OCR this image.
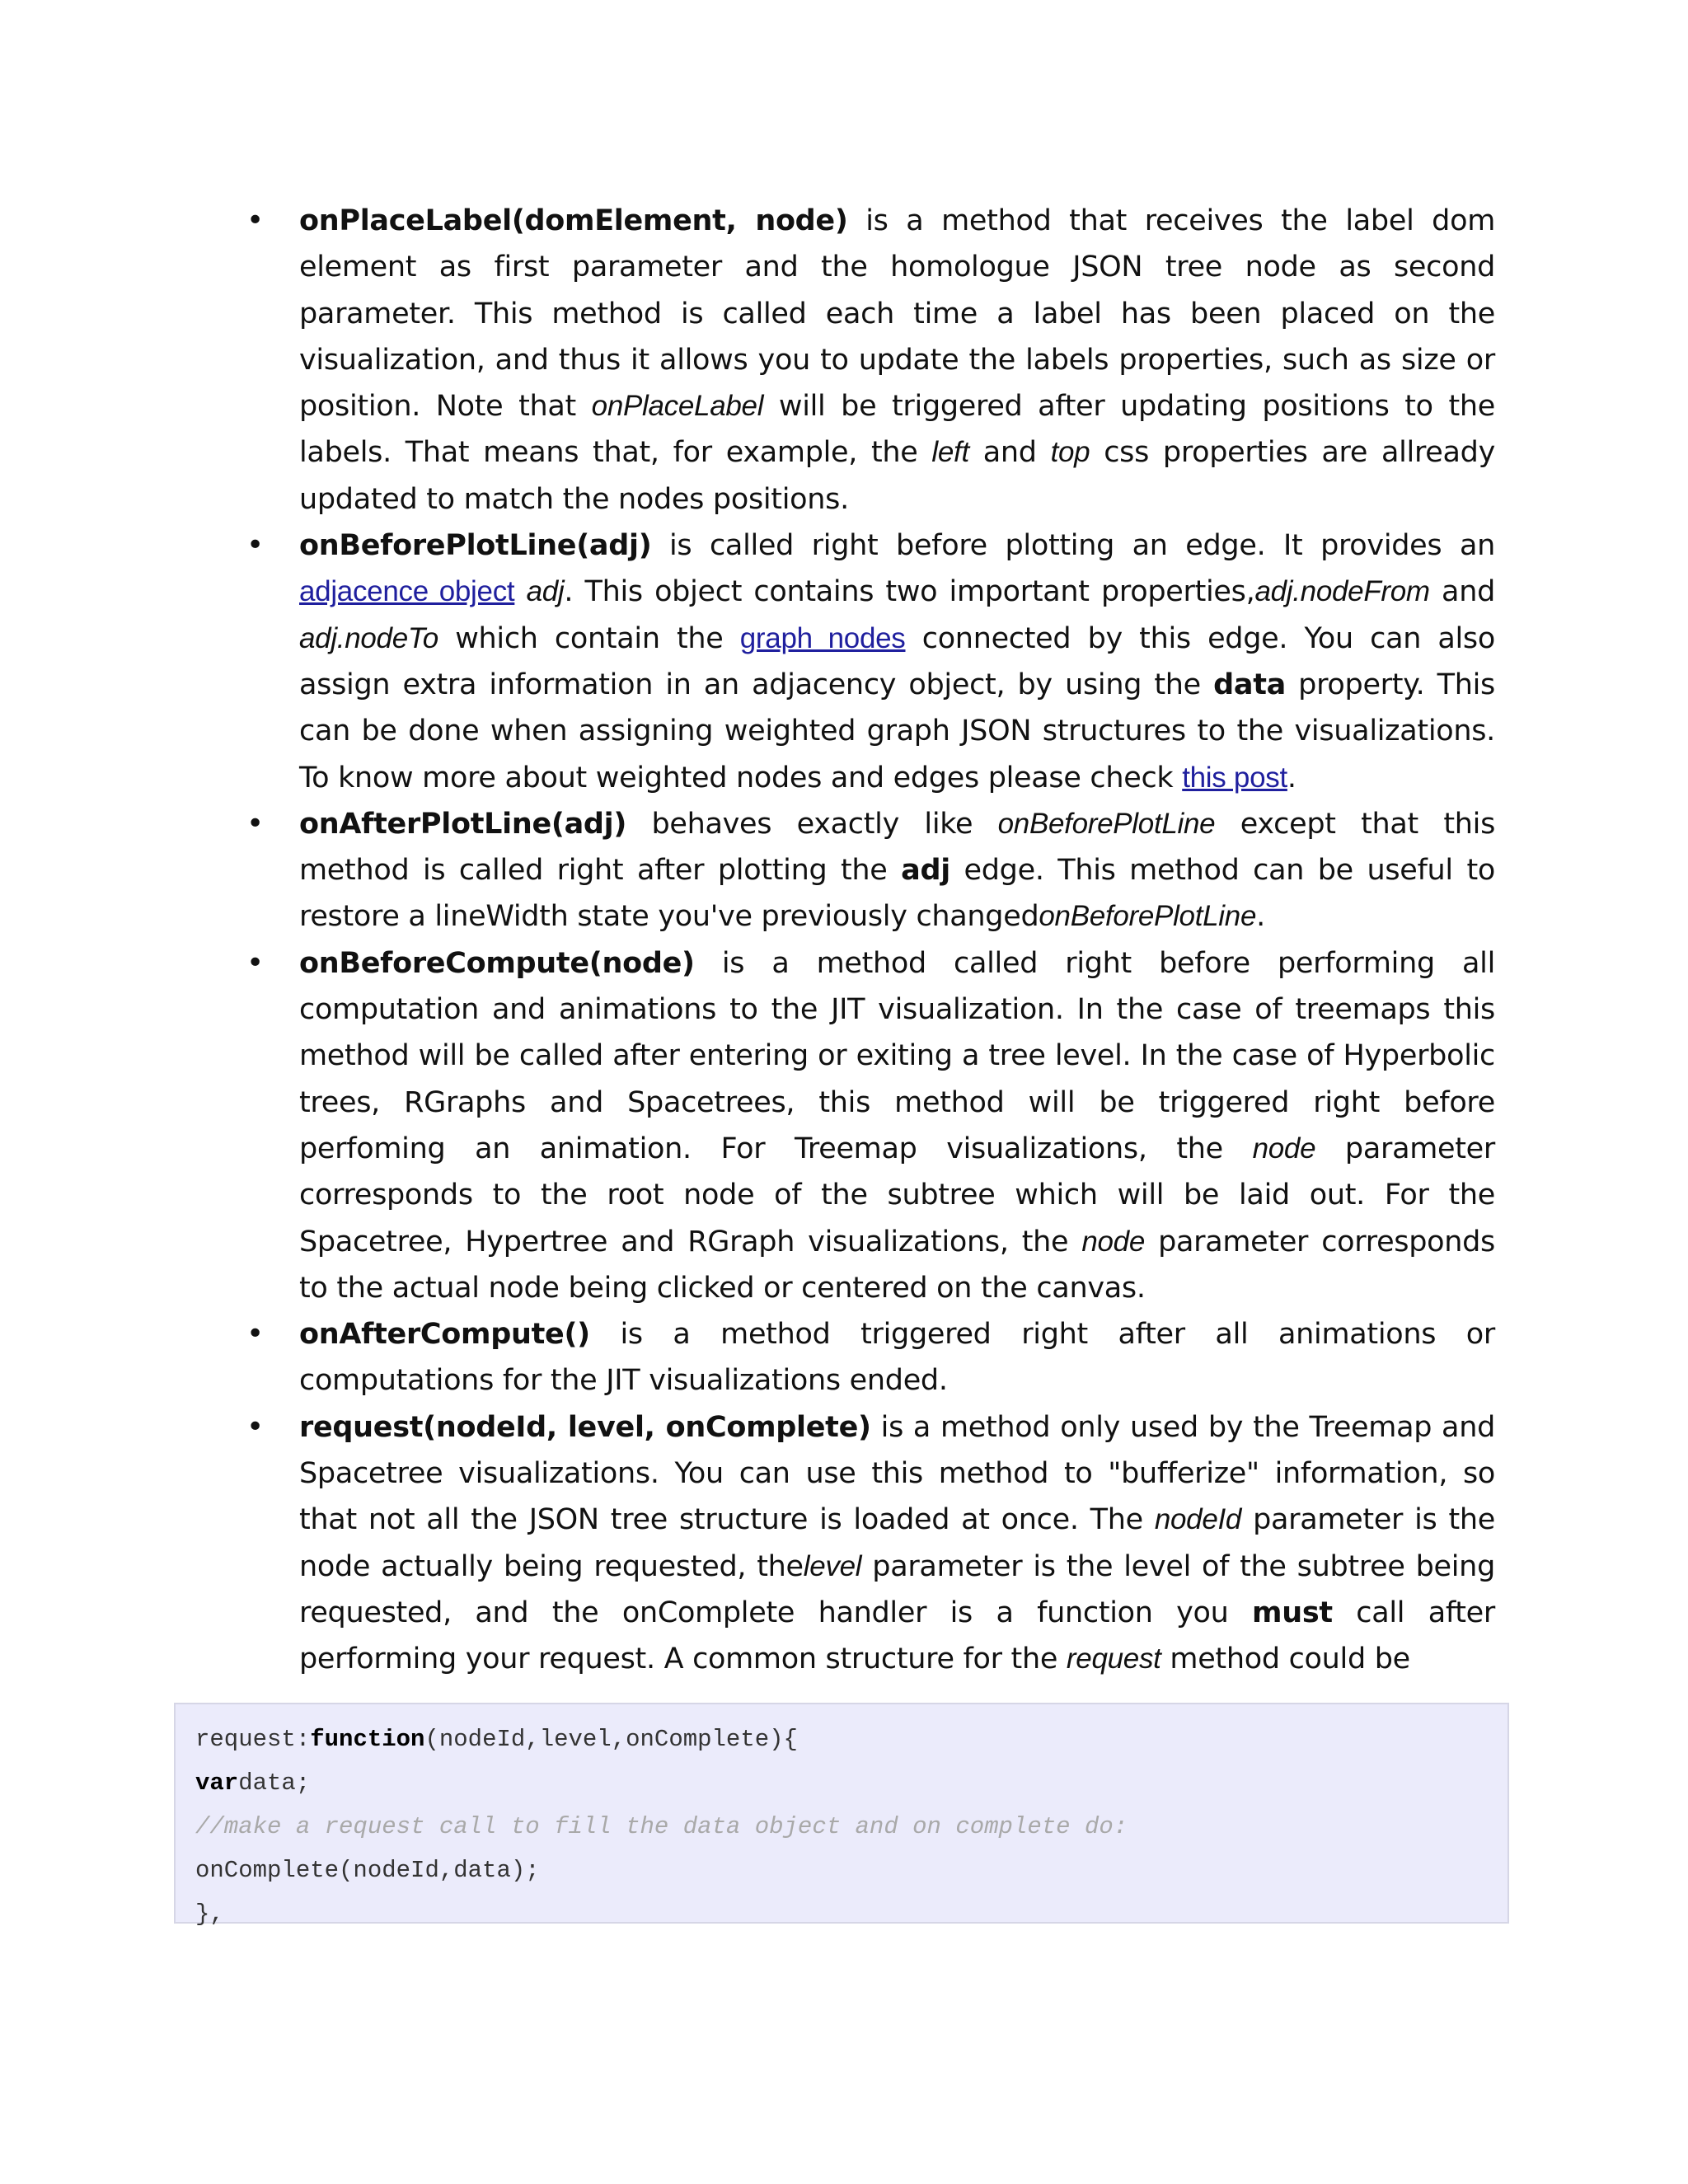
• onPlaceLabel(domElement, node) is a method that receives the label dom element as first parameter and the homologue JSON tree node as second parameter. This method is called each time a label has been placed on the visualization, and thus it allows you to update the labels properties, such as size or position. Note that onPlaceLabel will be triggered after updating positions to the labels. That means that, for example, the left and top css properties are allready updated to match the nodes positions.
• onBeforePlotLine(adj) is called right before plotting an edge. It provides an adjacence object adj. This object contains two important properties,adj.nodeFrom and adj.nodeTo which contain the graph nodes connected by this edge. You can also assign extra information in an adjacency object, by using the data property. This can be done when assigning weighted graph JSON structures to the visualizations. To know more about weighted nodes and edges please check this post.
• onAfterPlotLine(adj) behaves exactly like onBeforePlotLine except that this method is called right after plotting the adj edge. This method can be useful to restore a lineWidth state you've previously changedonBeforePlotLine.
• onBeforeCompute(node) is a method called right before performing all computation and animations to the JIT visualization. In the case of treemaps this method will be called after entering or exiting a tree level. In the case of Hyperbolic trees, RGraphs and Spacetrees, this method will be triggered right before perfoming an animation. For Treemap visualizations, the node parameter corresponds to the root node of the subtree which will be laid out. For the Spacetree, Hypertree and RGraph visualizations, the node parameter corresponds to the actual node being clicked or centered on the canvas.
• onAfterCompute() is a method triggered right after all animations or computations for the JIT visualizations ended.
• request(nodeId, level, onComplete) is a method only used by the Treemap and Spacetree visualizations. You can use this method to "bufferize" information, so that not all the JSON tree structure is loaded at once. The nodeId parameter is the node actually being requested, thelevel parameter is the level of the subtree being requested, and the onComplete handler is a function you must call after performing your request. A common structure for the request method could be
request:function(nodeId,level,onComplete){
vardata;
//make a request call to fill the data object and on complete do:
onComplete(nodeId,data);
},
